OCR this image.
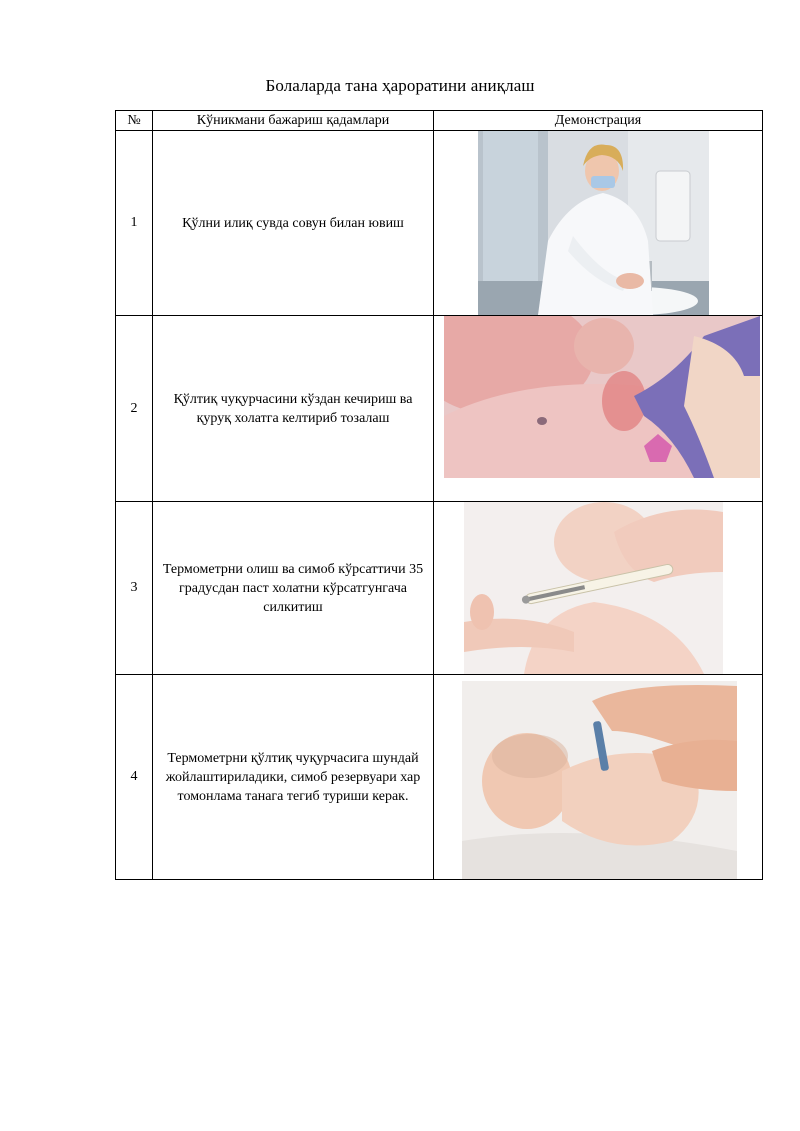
Болаларда тана ҳароратини аниқлаш
№	Кўникмани бажариш қадамлари	Демонстрация
1	Қўлни илиқ сувда совун билан ювиш

2	Қўлтиқ чуқурчасини кўздан кечириш ва қуруқ холатга келтириб тозалаш

3	Термометрни олиш ва симоб кўрсаттичи 35 градусдан паст холатни кўрсатгунгача силкитиш

4	Термометрни қўлтиқ чуқурчасига шундай жойлаштириладики, симоб резервуари хар томонлама танага тегиб туриши керак.
